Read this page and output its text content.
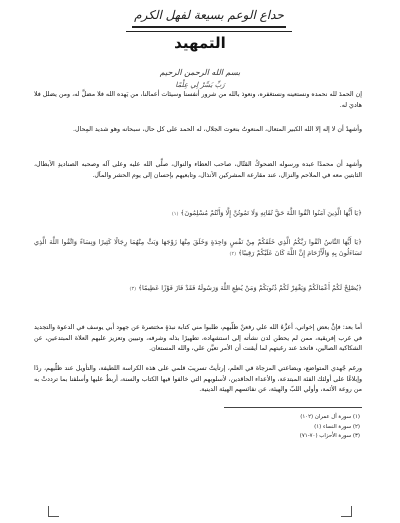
حداع الوعم بسيعة لفهل الكرم
التمهيد
بسم الله الرحمن الرحيم
رَبِّ يَسِّرْ لِي عِلْمًا

إن الحمدَ لله نحمده ونستعينه ونستغفره، ونعوذ بالله من شرور أنفسنا وسيئات أعمالنا، من يَهده الله فلا مضلَّ له، ومن يضلل فلا هاديَ له.

وأشهدُ أن لا إله إلا الله الكبير المتعال، المنعوتُ بنعوت الجلال، له الحمد على كل حال، سبحانه وهو شديد المِحال.

وأشهد أن محمدًا عبده ورسوله الضحوكُ القتّال، صاحب العطاء والنوال، صلَّى الله عليه وعلى آله وصحبه الصناديدِ الأبطال، الثابتين معه في الملاحم والنزال، عند مقارعة المشركين الأنذال، وتابعيهم بإحسان إلى يوم الحشر والمآل.

﴿يَا أَيُّهَا الَّذِينَ آمَنُوا اتَّقُوا اللَّهَ حَقَّ تُقَاتِهِ وَلَا تَمُوتُنَّ إِلَّا وَأَنْتُمْ مُسْلِمُونَ﴾ (١)
﴿يَا أَيُّهَا النَّاسُ اتَّقُوا رَبَّكُمُ الَّذِي خَلَقَكُمْ مِنْ نَفْسٍ وَاحِدَةٍ وَخَلَقَ مِنْهَا زَوْجَهَا وَبَثَّ مِنْهُمَا رِجَالًا كَثِيرًا وَنِسَاءً وَاتَّقُوا اللَّهَ الَّذِي تَسَاءَلُونَ بِهِ وَالْأَرْحَامَ إِنَّ اللَّهَ كَانَ عَلَيْكُمْ رَقِيبًا﴾ (٢)
﴿يُصْلِحْ لَكُمْ أَعْمَالَكُمْ وَيَغْفِرْ لَكُمْ ذُنُوبَكُمْ وَمَنْ يُطِعِ اللَّهَ وَرَسُولَهُ فَقَدْ فَازَ فَوْزًا عَظِيمًا﴾ (٣)

أما بعد: فإنَّ بعض إخواني، أعزَّهُ الله علي رفعنْ ظلّيهم، طلبوا مني كتابة نبذةٍ مختصرة عن جهود أبي يوسف في الدعوة والتجديد في غرب إفريقية، ممن لم يحطن لدن نشأته إلى استشهاده، تطهيرًا بذله وشرفه، وتبيين وتعزيز عليهم العلاة المبتدعين، عن الشكاكية الصالين، فاتخذ عند رغبتهم لما أيقنت أن الأمر تعيَّن علي، والله المستعان.

ورغم جُهدي المتواضع، وبضاعتي المزجاة في العلم، إرتأيتُ تسريبَ قلمي على هذه الكراسة اللطيفة، والتأويل عند ظلّيهم، ردًا وإبلاغًا على أولئك الفئة المبتدعة، والأعداء الحاقدين، لأسلوبهم التي خالفوا فيها الكتاب والسنة، أربطٌ عليها وأسلفنا بما ترددتْ به من روعة الأئمة، وأولي اللبّ والهيئة، عن نفائسهم الهيئة الدينية.

(١) سورة آل عمران (١٠٢)
(٢) سورة النساء (١)
(٣) سورة الأحزاب (٧٠-٧١)
